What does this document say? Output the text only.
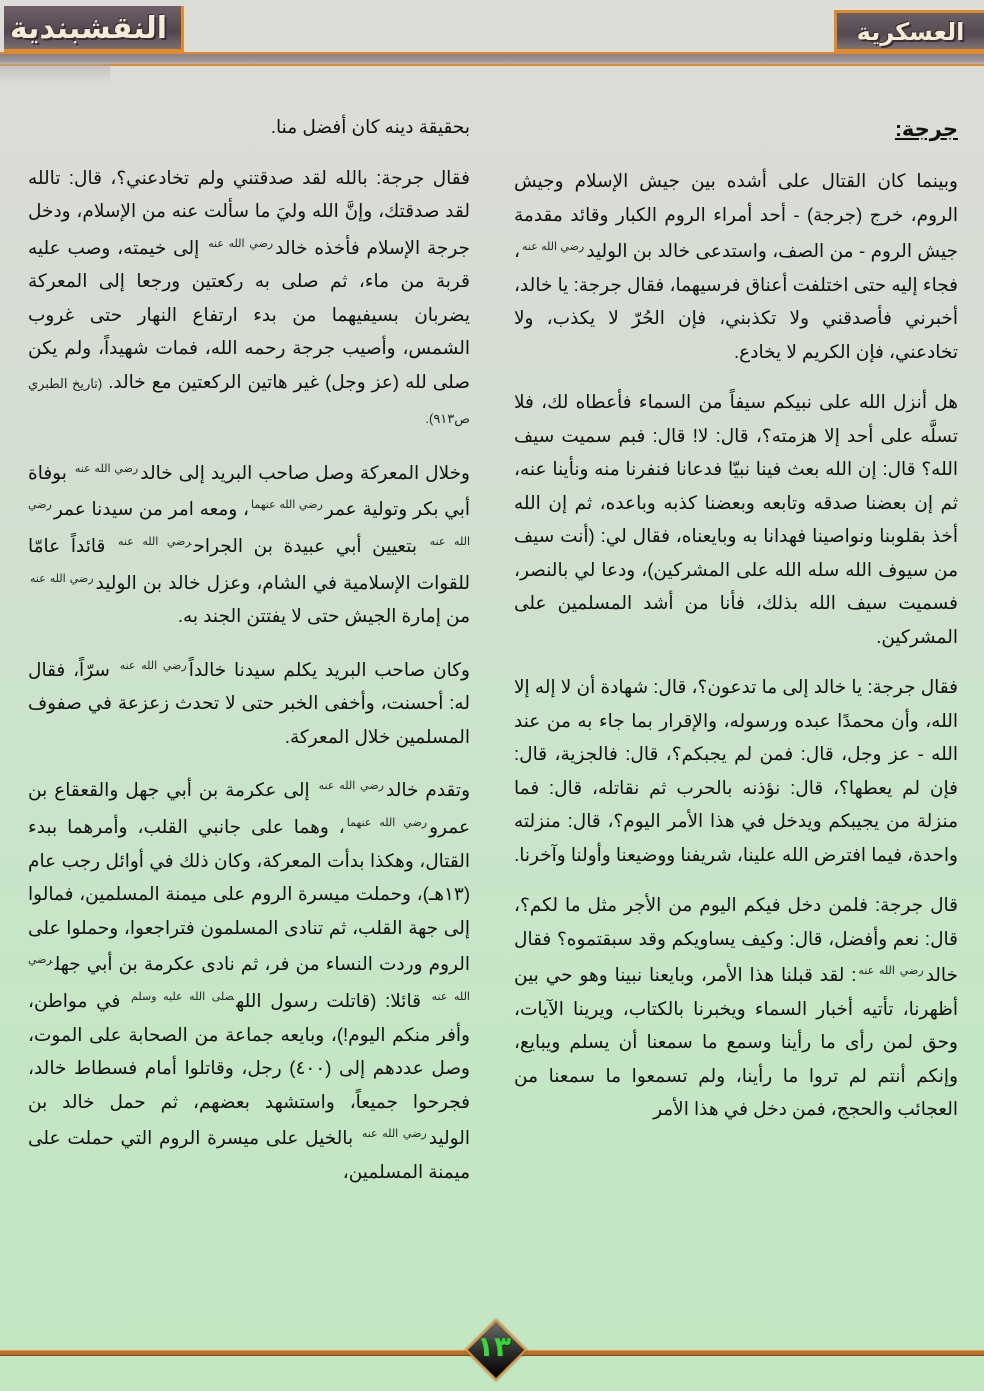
النقشبندية	العسكرية
جرجة:

وبينما كان القتال على أشده بين جيش الإسلام وجيش الروم، خرج (جرجة) - أحد أمراء الروم الكبار وقائد مقدمة جيش الروم - من الصف، واستدعى خالد بن الوليد$^{رضي الله عنه}$، فجاء إليه حتى اختلفت أعناق فرسيهما، فقال جرجة: يا خالد، أخبرني فأصدقني ولا تكذبني، فإن الحُرّ لا يكذب، ولا تخادعني، فإن الكريم لا يخادع.

هل أنزل الله على نبيكم سيفاً من السماء فأعطاه لك، فلا تسلَّه على أحد إلا هزمته؟، قال: لا! قال: فبم سميت سيف الله؟ قال: إن الله بعث فينا نبيّا فدعانا فنفرنا منه ونأينا عنه، ثم إن بعضنا صدقه وتابعه وبعضنا كذبه وباعده، ثم إن الله أخذ بقلوبنا ونواصينا فهدانا به وبايعناه، فقال لي: (أنت سيف من سيوف الله سله الله على المشركين)، ودعا لي بالنصر، فسميت سيف الله بذلك، فأنا من أشد المسلمين على المشركين.

فقال جرجة: يا خالد إلى ما تدعون؟، قال: شهادة أن لا إله إلا الله، وأن محمدًا عبده ورسوله، والإقرار بما جاء به من عند الله - عز وجل، قال: فمن لم يجبكم؟، قال: فالجزية، قال: فإن لم يعطها؟، قال: نؤذنه بالحرب ثم نقاتله، قال: فما منزلة من يجيبكم ويدخل في هذا الأمر اليوم؟، قال: منزلته واحدة، فيما افترض الله علينا، شريفنا ووضيعنا وأولنا وآخرنا.

قال جرجة: فلمن دخل فيكم اليوم من الأجر مثل ما لكم؟، قال: نعم وأفضل، قال: وكيف يساويكم وقد سبقتموه؟ فقال خالد$^{رضي الله عنه}$: لقد قبلنا هذا الأمر، وبايعنا نبينا وهو حي بين أظهرنا، تأتيه أخبار السماء ويخبرنا بالكتاب، ويرينا الآيات، وحق لمن رأى ما رأينا وسمع ما سمعنا أن يسلم ويبايع، وإنكم أنتم لم تروا ما رأينا، ولم تسمعوا ما سمعنا من العجائب والحجج، فمن دخل في هذا الأمر

بحقيقة دينه كان أفضل منا.

فقال جرجة: بالله لقد صدقتني ولم تخادعني؟، قال: تالله لقد صدقتك، وإنَّ الله وليَ ما سألت عنه من الإسلام، ودخل جرجة الإسلام فأخذه خالد$^{رضي الله عنه}$ إلى خيمته، وصب عليه قربة من ماء، ثم صلى به ركعتين ورجعا إلى المعركة يضربان بسيفيهما من بدء ارتفاع النهار حتى غروب الشمس، وأصيب جرجة رحمه الله، فمات شهيداً، ولم يكن صلى لله (عز وجل) غير هاتين الركعتين مع خالد. (تاريخ الطبري ص٩١٣).

وخلال المعركة وصل صاحب البريد إلى خالد$^{رضي الله عنه}$ بوفاة أبي بكر وتولية عمر$^{رضي الله عنهما}$، ومعه امر من سيدنا عمر$^{رضي الله عنه}$ بتعيين أبي عبيدة بن الجراح$^{رضي الله عنه}$ قائداً عامّا للقوات الإسلامية في الشام، وعزل خالد بن الوليد$^{رضي الله عنه}$ من إمارة الجيش حتى لا يفتتن الجند به.

وكان صاحب البريد يكلم سيدنا خالداً$^{رضي الله عنه}$ سرّاً، فقال له: أحسنت، وأخفى الخبر حتى لا تحدث زعزعة في صفوف المسلمين خلال المعركة.

وتقدم خالد$^{رضي الله عنه}$ إلى عكرمة بن أبي جهل والقعقاع بن عمرو$^{رضي الله عنهما}$، وهما على جانبي القلب، وأمرهما ببدء القتال، وهكذا بدأت المعركة، وكان ذلك في أوائل رجب عام (١٣هـ)، وحملت ميسرة الروم على ميمنة المسلمين، فمالوا إلى جهة القلب، ثم تنادى المسلمون فتراجعوا، وحملوا على الروم وردت النساء من فر، ثم نادى عكرمة بن أبي جهل$^{رضي الله عنه}$ قائلا: (قاتلت رسول الله$^{صلى الله عليه وسلم}$ في مواطن، وأفر منكم اليوم!)، وبايعه جماعة من الصحابة على الموت، وصل عددهم إلى (٤٠٠) رجل، وقاتلوا أمام فسطاط خالد، فجرحوا جميعاً، واستشهد بعضهم، ثم حمل خالد بن الوليد$^{رضي الله عنه}$ بالخيل على ميسرة الروم التي حملت على ميمنة المسلمين،

١٣
